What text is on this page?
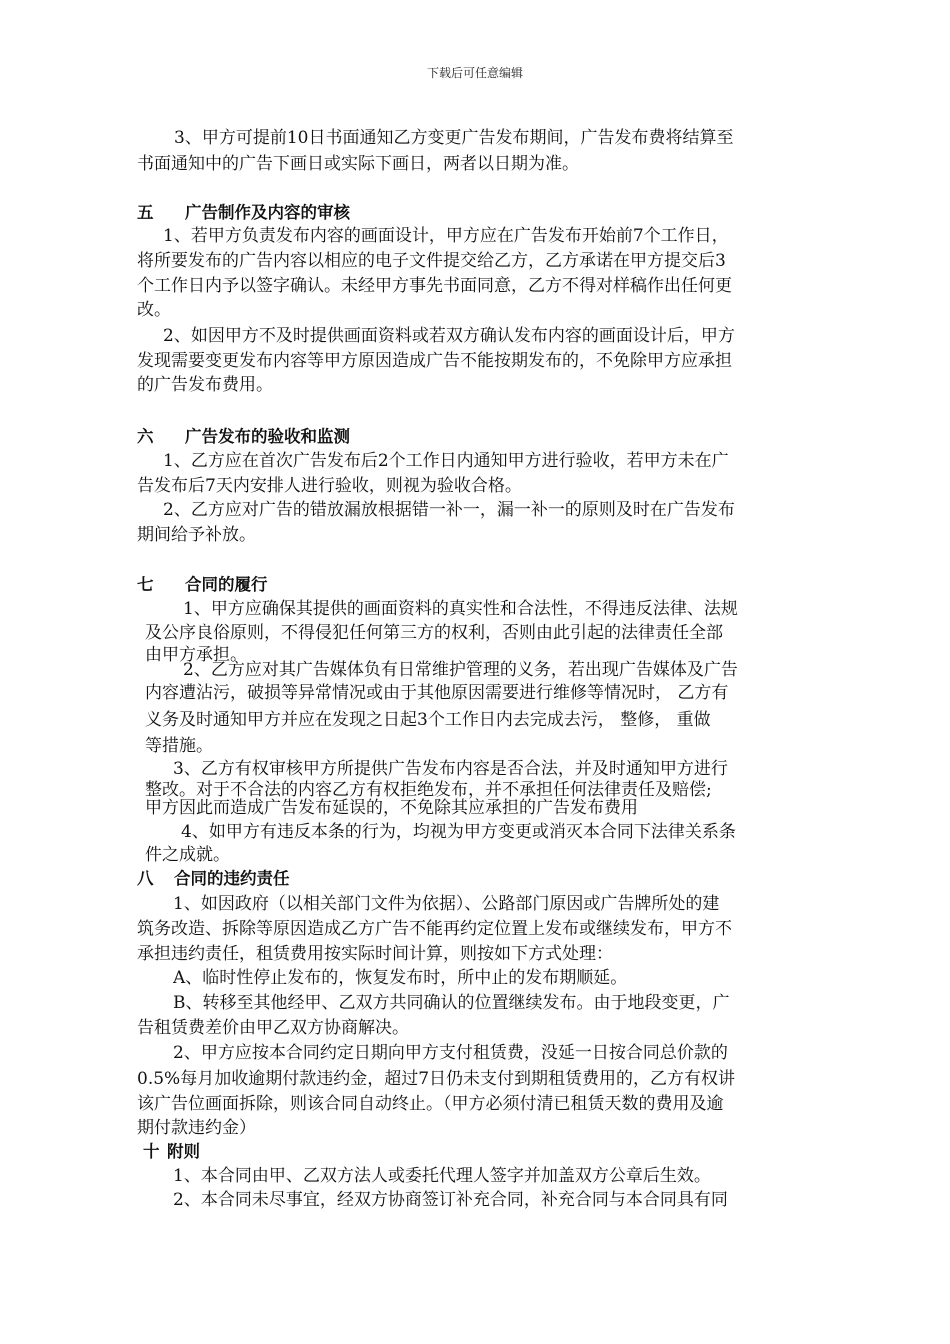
下载后可任意编辑
3、甲方可提前10日书面通知乙方变更广告发布期间，广告发布费将结算至
书面通知中的广告下画日或实际下画日，两者以日期为准。
五 广告制作及内容的审核
1、若甲方负责发布内容的画面设计，甲方应在广告发布开始前7个工作日，
将所要发布的广告内容以相应的电子文件提交给乙方，乙方承诺在甲方提交后3
个工作日内予以签字确认。未经甲方事先书面同意，乙方不得对样稿作出任何更
改。
2、如因甲方不及时提供画面资料或若双方确认发布内容的画面设计后，甲方
发现需要变更发布内容等甲方原因造成广告不能按期发布的，不免除甲方应承担
的广告发布费用。
六 广告发布的验收和监测
1、乙方应在首次广告发布后2个工作日内通知甲方进行验收，若甲方未在广
告发布后7天内安排人进行验收，则视为验收合格。
2、乙方应对广告的错放漏放根据错一补一，漏一补一的原则及时在广告发布
期间给予补放。
七 合同的履行
1、甲方应确保其提供的画面资料的真实性和合法性，不得违反法律、法规
及公序良俗原则，不得侵犯任何第三方的权利，否则由此引起的法律责任全部
由甲方承担。
2、乙方应对其广告媒体负有日常维护管理的义务，若出现广告媒体及广告
内容遭沾污，破损等异常情况或由于其他原因需要进行维修等情况时， 乙方有
义务及时通知甲方并应在发现之日起3个工作日内去完成去污， 整修， 重做
等措施。
3、乙方有权审核甲方所提供广告发布内容是否合法，并及时通知甲方进行
整改。对于不合法的内容乙方有权拒绝发布，并不承担任何法律责任及赔偿;
甲方因此而造成广告发布延误的，不免除其应承担的广告发布费用
4、如甲方有违反本条的行为，均视为甲方变更或消灭本合同下法律关系条
件之成就。
八 合同的违约责任
1、如因政府（以相关部门文件为依据）、公路部门原因或广告牌所处的建
筑务改造、拆除等原因造成乙方广告不能再约定位置上发布或继续发布，甲方不
承担违约责任，租赁费用按实际时间计算，则按如下方式处理：
A、临时性停止发布的，恢复发布时，所中止的发布期顺延。
B、转移至其他经甲、乙双方共同确认的位置继续发布。由于地段变更，广
告租赁费差价由甲乙双方协商解决。
2、甲方应按本合同约定日期向甲方支付租赁费，没延一日按合同总价款的
0.5%每月加收逾期付款违约金，超过7日仍未支付到期租赁费用的，乙方有权讲
该广告位画面拆除，则该合同自动终止。（甲方必须付清已租赁天数的费用及逾
期付款违约金）
十 附则
1、本合同由甲、乙双方法人或委托代理人签字并加盖双方公章后生效。
2、本合同未尽事宜，经双方协商签订补充合同，补充合同与本合同具有同
